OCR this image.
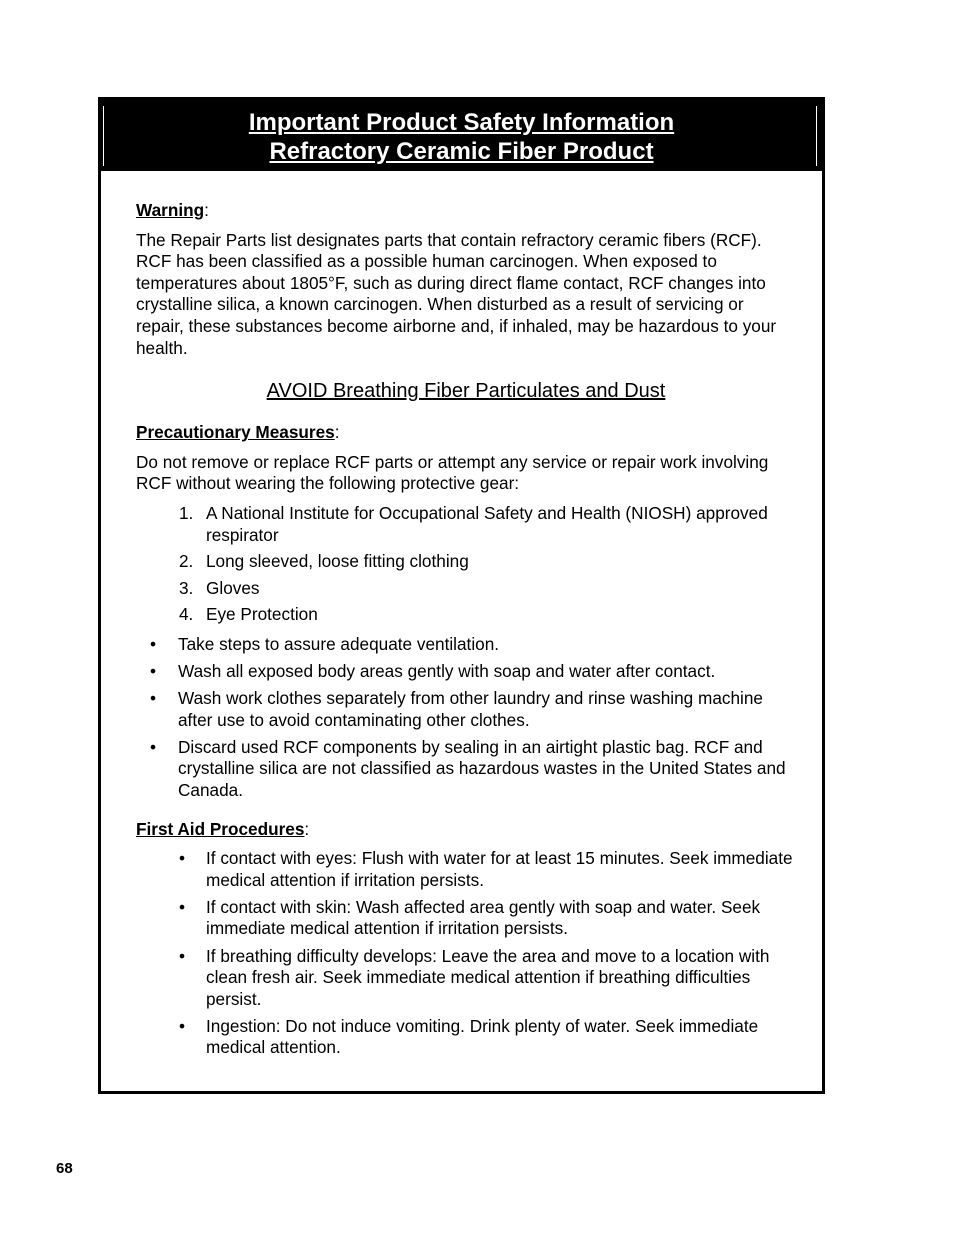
Important Product Safety Information
Refractory Ceramic Fiber Product

Warning:

The Repair Parts list designates parts that contain refractory ceramic fibers (RCF). RCF has been classified as a possible human carcinogen. When exposed to temperatures about 1805°F, such as during direct flame contact, RCF changes into crystalline silica, a known carcinogen. When disturbed as a result of servicing or repair, these substances become airborne and, if inhaled, may be hazardous to your health.

AVOID Breathing Fiber Particulates and Dust

Precautionary Measures:

Do not remove or replace RCF parts or attempt any service or repair work involving RCF without wearing the following protective gear:

1. A National Institute for Occupational Safety and Health (NIOSH) approved respirator
2. Long sleeved, loose fitting clothing
3. Gloves
4. Eye Protection
• Take steps to assure adequate ventilation.
• Wash all exposed body areas gently with soap and water after contact.
• Wash work clothes separately from other laundry and rinse washing machine after use to avoid contaminating other clothes.
• Discard used RCF components by sealing in an airtight plastic bag. RCF and crystalline silica are not classified as hazardous wastes in the United States and Canada.

First Aid Procedures:

• If contact with eyes: Flush with water for at least 15 minutes. Seek immediate medical attention if irritation persists.
• If contact with skin: Wash affected area gently with soap and water. Seek immediate medical attention if irritation persists.
• If breathing difficulty develops: Leave the area and move to a location with clean fresh air. Seek immediate medical attention if breathing difficulties persist.
• Ingestion: Do not induce vomiting. Drink plenty of water. Seek immediate medical attention.
68
